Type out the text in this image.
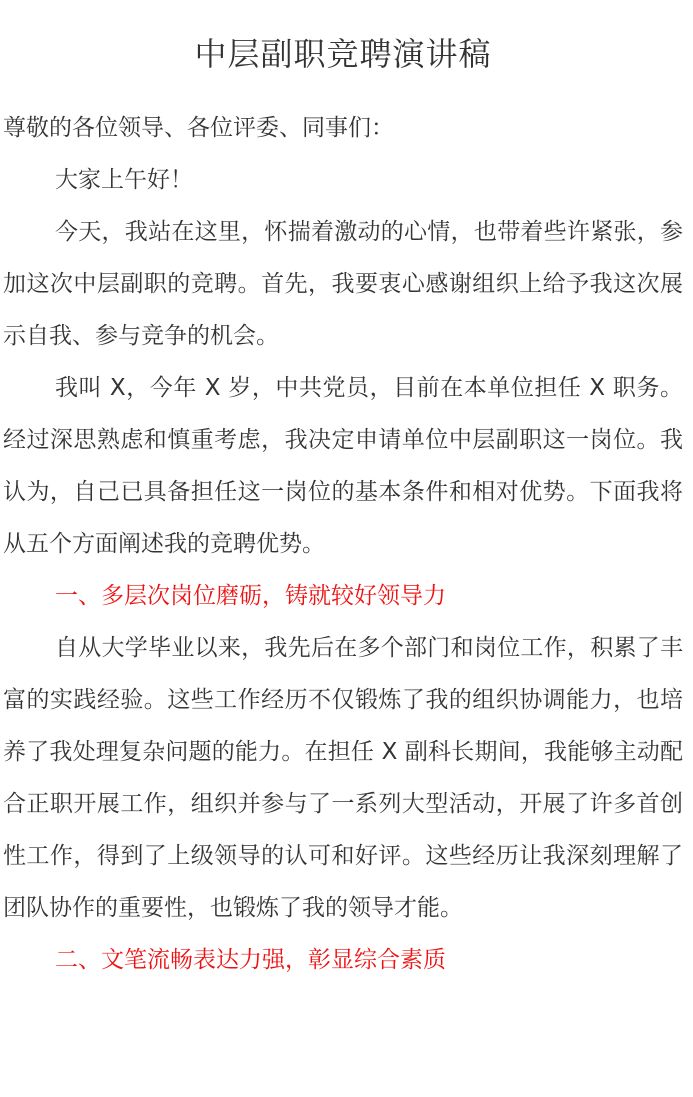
中层副职竞聘演讲稿

尊敬的各位领导、各位评委、同事们：

大家上午好！

今天，我站在这里，怀揣着激动的心情，也带着些许紧张，参加这次中层副职的竞聘。首先，我要衷心感谢组织上给予我这次展示自我、参与竞争的机会。

我叫 X，今年 X 岁，中共党员，目前在本单位担任 X 职务。经过深思熟虑和慎重考虑，我决定申请单位中层副职这一岗位。我认为，自己已具备担任这一岗位的基本条件和相对优势。下面我将从五个方面阐述我的竞聘优势。

一、多层次岗位磨砺，铸就较好领导力

自从大学毕业以来，我先后在多个部门和岗位工作，积累了丰富的实践经验。这些工作经历不仅锻炼了我的组织协调能力，也培养了我处理复杂问题的能力。在担任 X 副科长期间，我能够主动配合正职开展工作，组织并参与了一系列大型活动，开展了许多首创性工作，得到了上级领导的认可和好评。这些经历让我深刻理解了团队协作的重要性，也锻炼了我的领导才能。

二、文笔流畅表达力强，彰显综合素质
